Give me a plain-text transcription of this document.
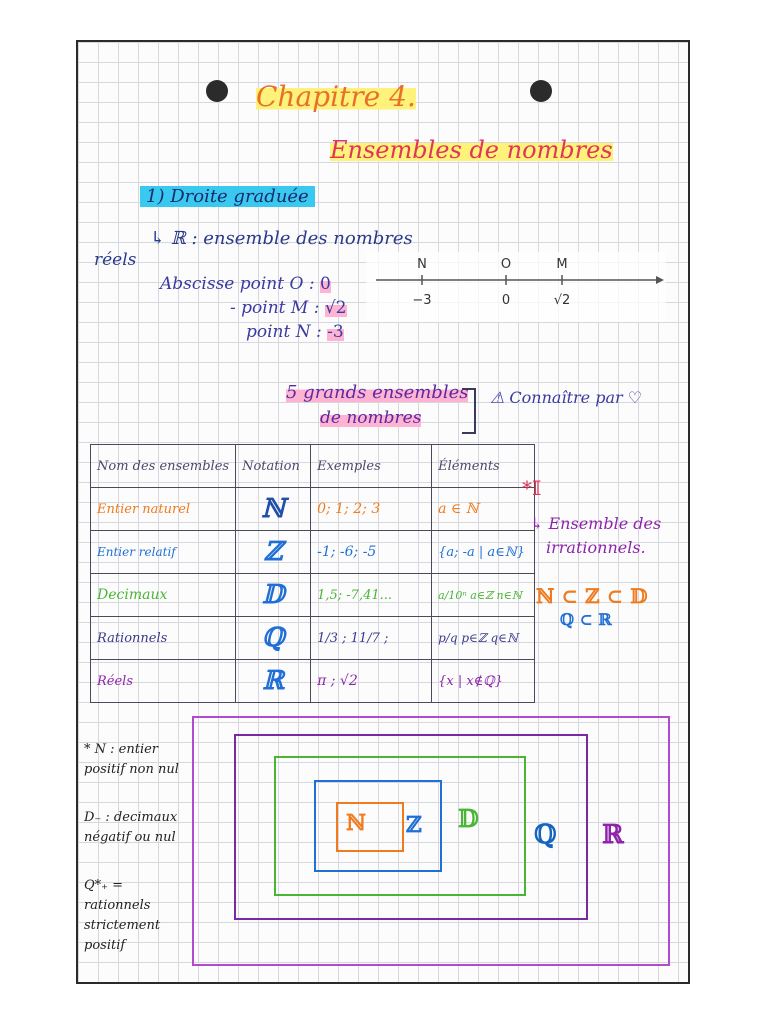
Chapitre 4.
Ensembles de nombres
1) Droite graduée
↳ ℝ : ensemble des nombres
réels
Abscisse point O : 0
- point M : √2
point N : -3
N
−3
O
0
M
√2
5 grands ensembles
de nombres
⚠ Connaître par ♡
Nom des ensembles	Notation	Exemples	Éléments
Entier naturel	ℕ	0; 1; 2; 3	a ∈ ℕ
Entier relatif	ℤ	-1; -6; -5	{a; -a | a∈ℕ}
Decimaux	𝔻	1,5; -7,41...	a/10ⁿ a∈ℤ n∈ℕ
Rationnels	ℚ	1/3 ; 11/7 ;	p/q p∈ℤ q∈ℕ
Réels	ℝ	π ; √2	{x | x∉ℚ}
*𝕀
↳ Ensemble des
irrationnels.
ℕ ⊂ ℤ ⊂ 𝔻
ℚ ⊂ ℝ
* N : entier positif non nul
D₋ : decimaux négatif ou nul
Q*₊ = rationnels strictement positif
ℕ ℤ 𝔻
ℚ ℝ
